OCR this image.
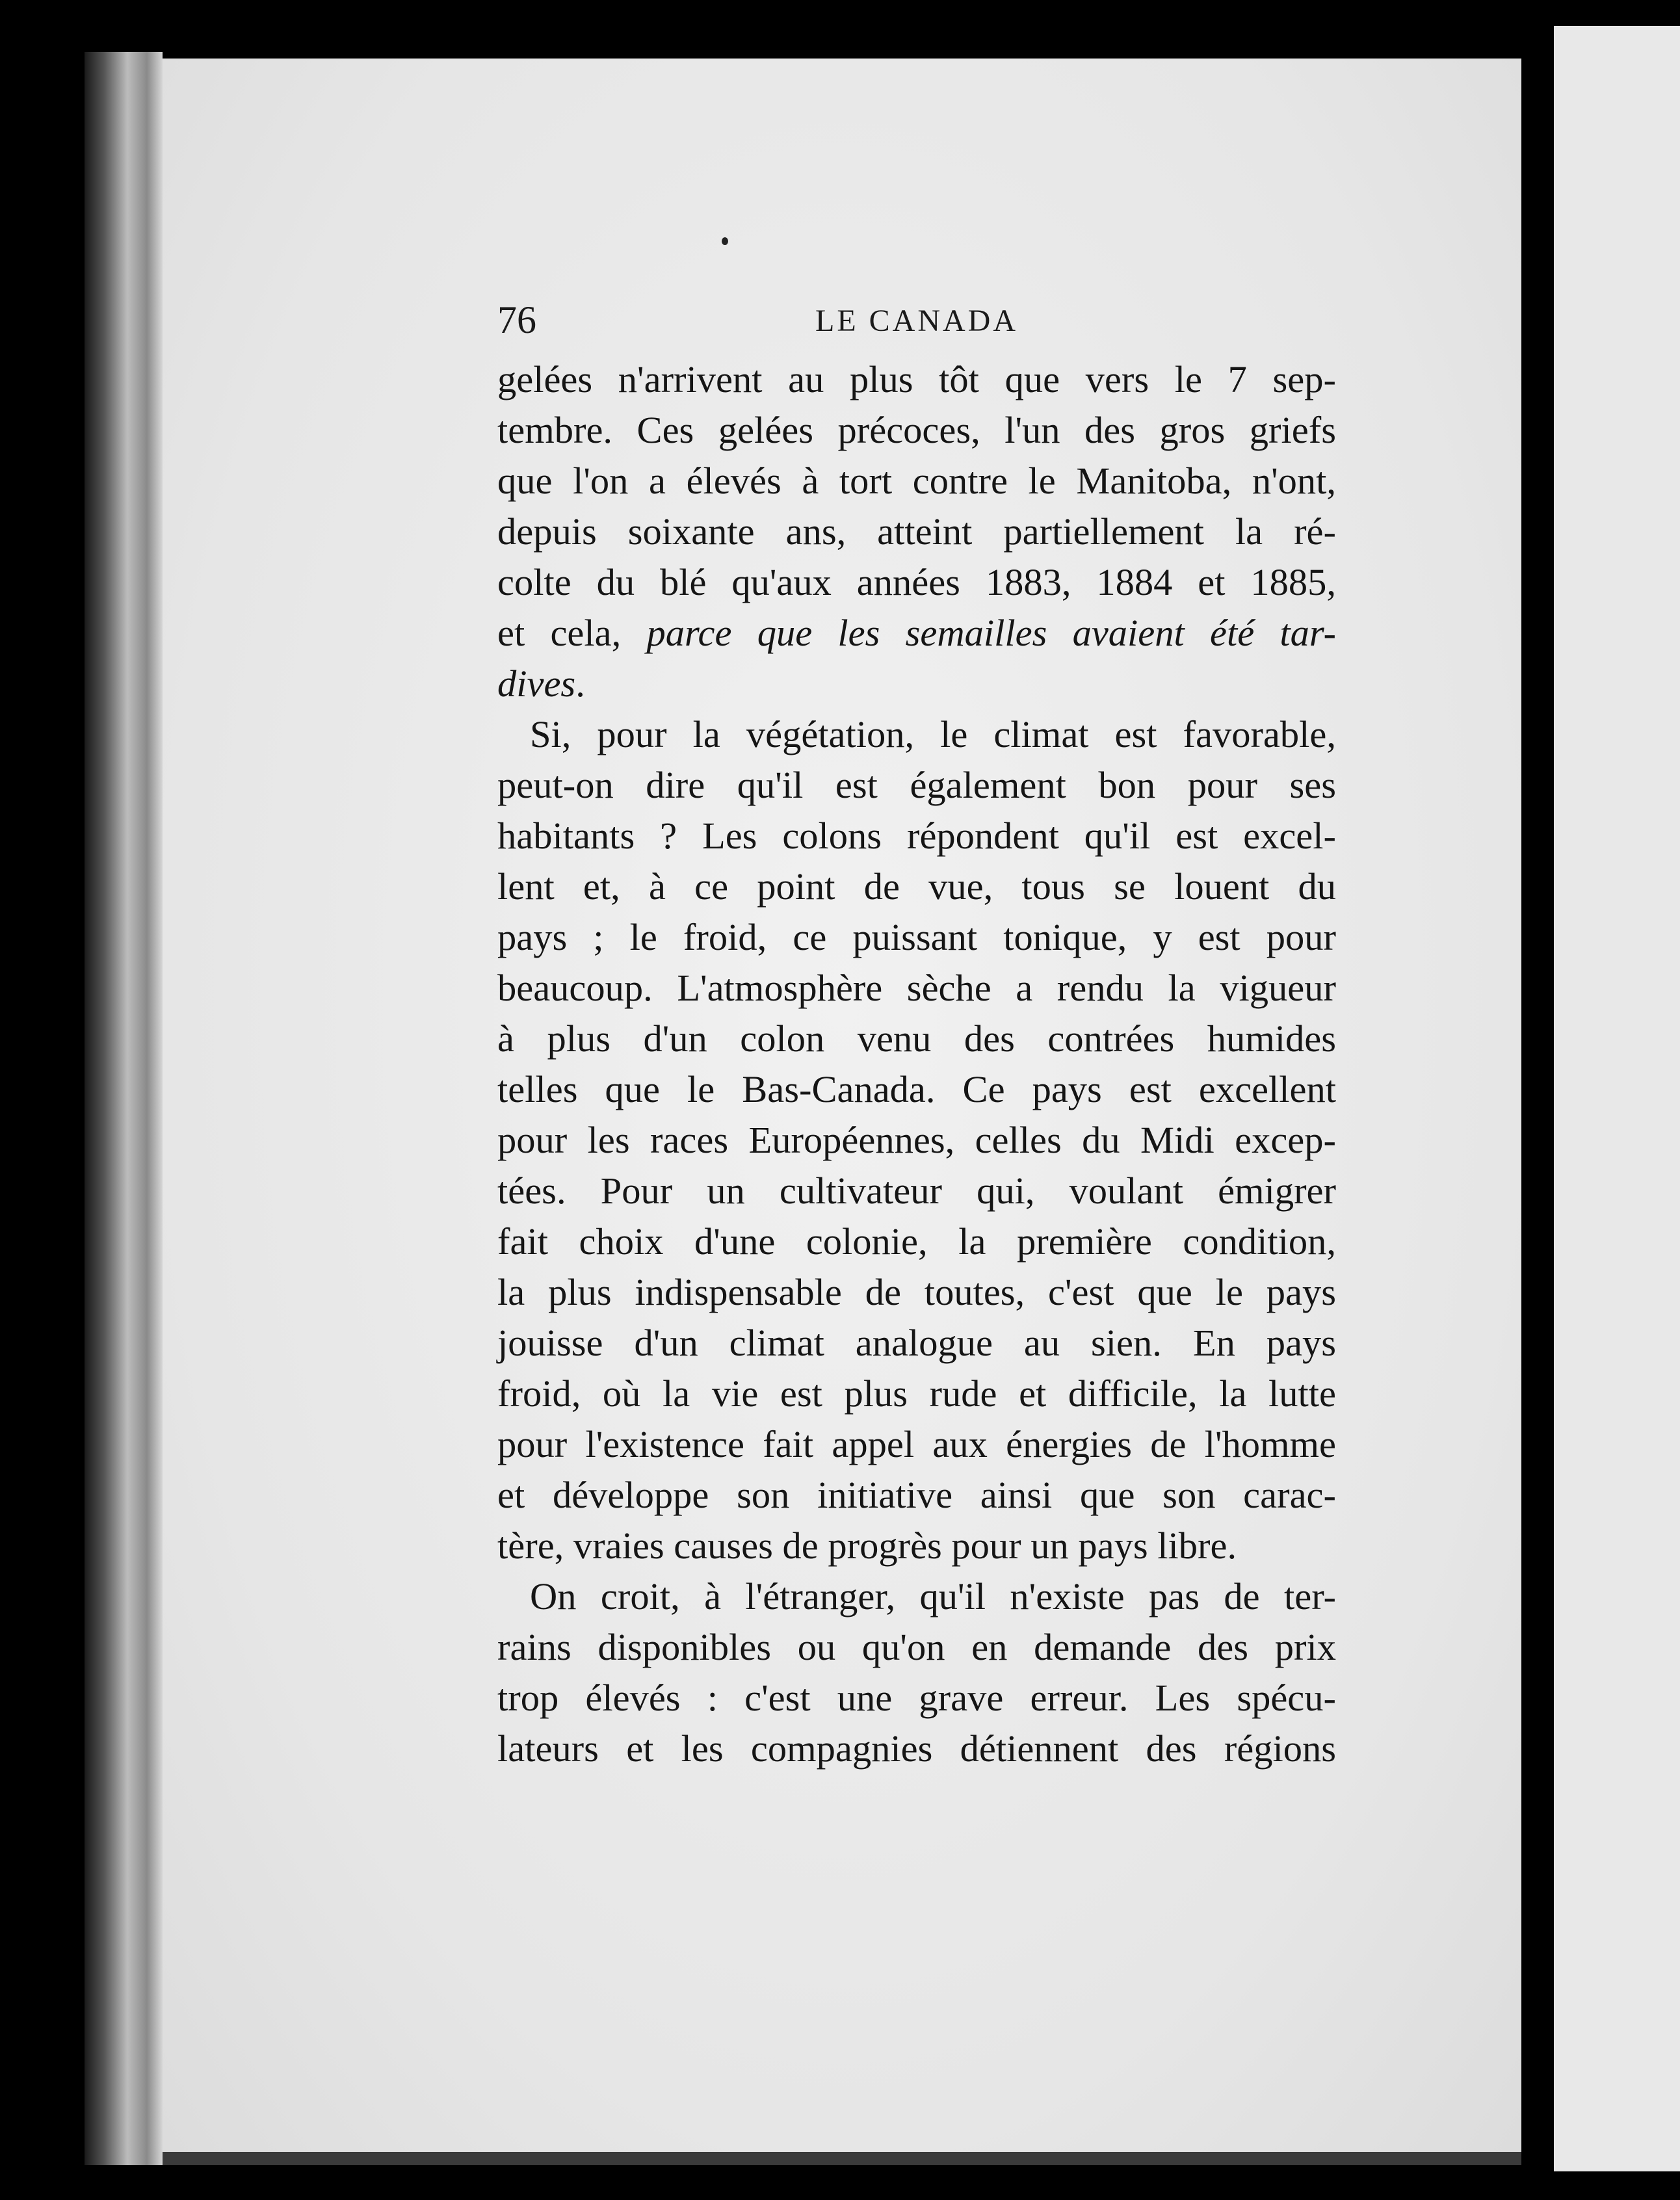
76	LE CANADA
gelées n'arrivent au plus tôt que vers le 7 sep-
tembre. Ces gelées précoces, l'un des gros griefs
que l'on a élevés à tort contre le Manitoba, n'ont,
depuis soixante ans, atteint partiellement la ré-
colte du blé qu'aux années 1883, 1884 et 1885,
et cela, parce que les semailles avaient été tar-
dives.
Si, pour la végétation, le climat est favorable,
peut-on dire qu'il est également bon pour ses
habitants ? Les colons répondent qu'il est excel-
lent et, à ce point de vue, tous se louent du
pays ; le froid, ce puissant tonique, y est pour
beaucoup. L'atmosphère sèche a rendu la vigueur
à plus d'un colon venu des contrées humides
telles que le Bas-Canada. Ce pays est excellent
pour les races Européennes, celles du Midi excep-
tées. Pour un cultivateur qui, voulant émigrer
fait choix d'une colonie, la première condition,
la plus indispensable de toutes, c'est que le pays
jouisse d'un climat analogue au sien. En pays
froid, où la vie est plus rude et difficile, la lutte
pour l'existence fait appel aux énergies de l'homme
et développe son initiative ainsi que son carac-
tère, vraies causes de progrès pour un pays libre.
On croit, à l'étranger, qu'il n'existe pas de ter-
rains disponibles ou qu'on en demande des prix
trop élevés : c'est une grave erreur. Les spécu-
lateurs et les compagnies détiennent des régions
